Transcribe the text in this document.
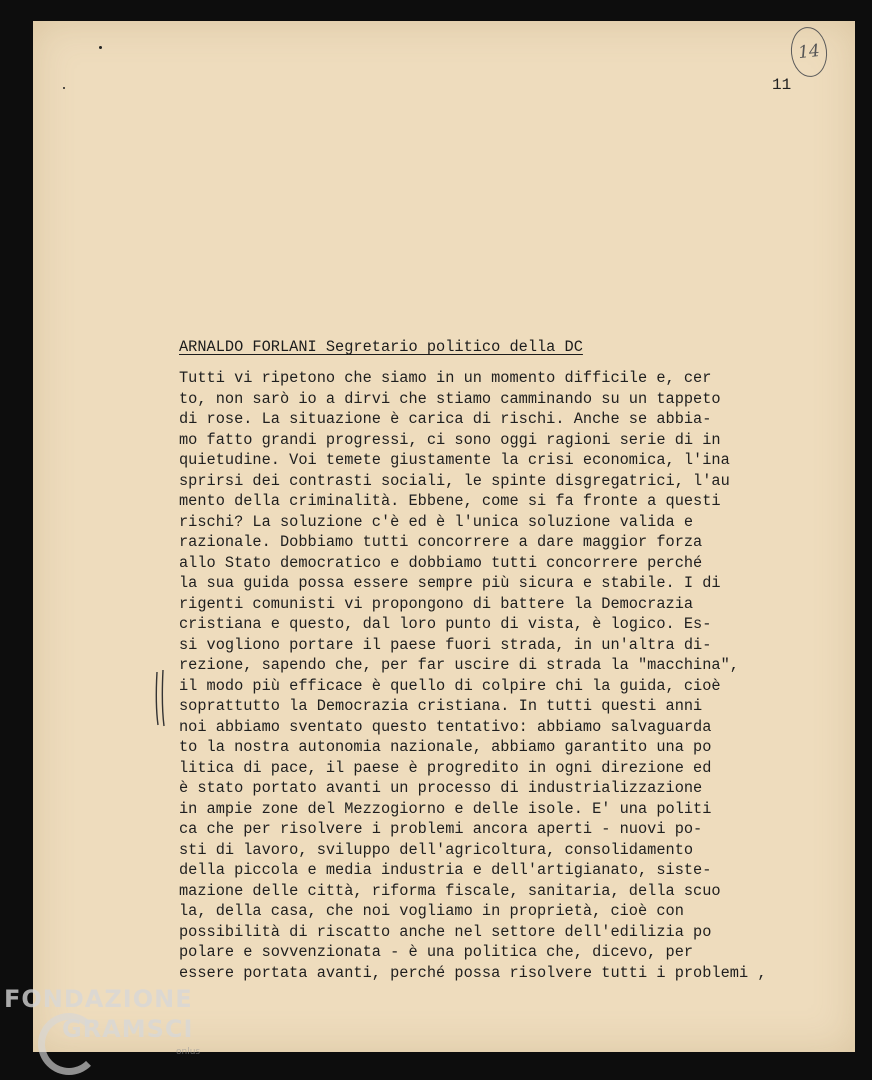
14
11
ARNALDO FORLANI Segretario politico della DC
Tutti vi ripetono che siamo in un momento difficile e, cer
to, non sarò io a dirvi che stiamo camminando su un tappeto
di rose. La situazione è carica di rischi. Anche se abbia-
mo fatto grandi progressi, ci sono oggi ragioni serie di in
quietudine. Voi temete giustamente la crisi economica, l'ina
sprirsi dei contrasti sociali, le spinte disgregatrici, l'au
mento della criminalità. Ebbene, come si fa fronte a questi
rischi? La soluzione c'è ed è l'unica soluzione valida e
razionale. Dobbiamo tutti concorrere a dare maggior forza
allo Stato democratico e dobbiamo tutti concorrere perché
la sua guida possa essere sempre più sicura e stabile. I di
rigenti comunisti vi propongono di battere la Democrazia
cristiana e questo, dal loro punto di vista, è logico. Es-
si vogliono portare il paese fuori strada, in un'altra di-
rezione, sapendo che, per far uscire di strada la "macchina",
il modo più efficace è quello di colpire chi la guida, cioè
soprattutto la Democrazia cristiana. In tutti questi anni
noi abbiamo sventato questo tentativo: abbiamo salvaguarda
to la nostra autonomia nazionale, abbiamo garantito una po
litica di pace, il paese è progredito in ogni direzione ed
è stato portato avanti un processo di industrializzazione
in ampie zone del Mezzogiorno e delle isole. E' una politi
ca che per risolvere i problemi ancora aperti - nuovi po-
sti di lavoro, sviluppo dell'agricoltura, consolidamento
della piccola e media industria e dell'artigianato, siste-
mazione delle città, riforma fiscale, sanitaria, della scuo
la, della casa, che noi vogliamo in proprietà, cioè con
possibilità di riscatto anche nel settore dell'edilizia po
polare e sovvenzionata - è una politica che, dicevo, per
essere portata avanti, perché possa risolvere tutti i problemi ,
FONDAZIONE
GRAMSCI
onlus
